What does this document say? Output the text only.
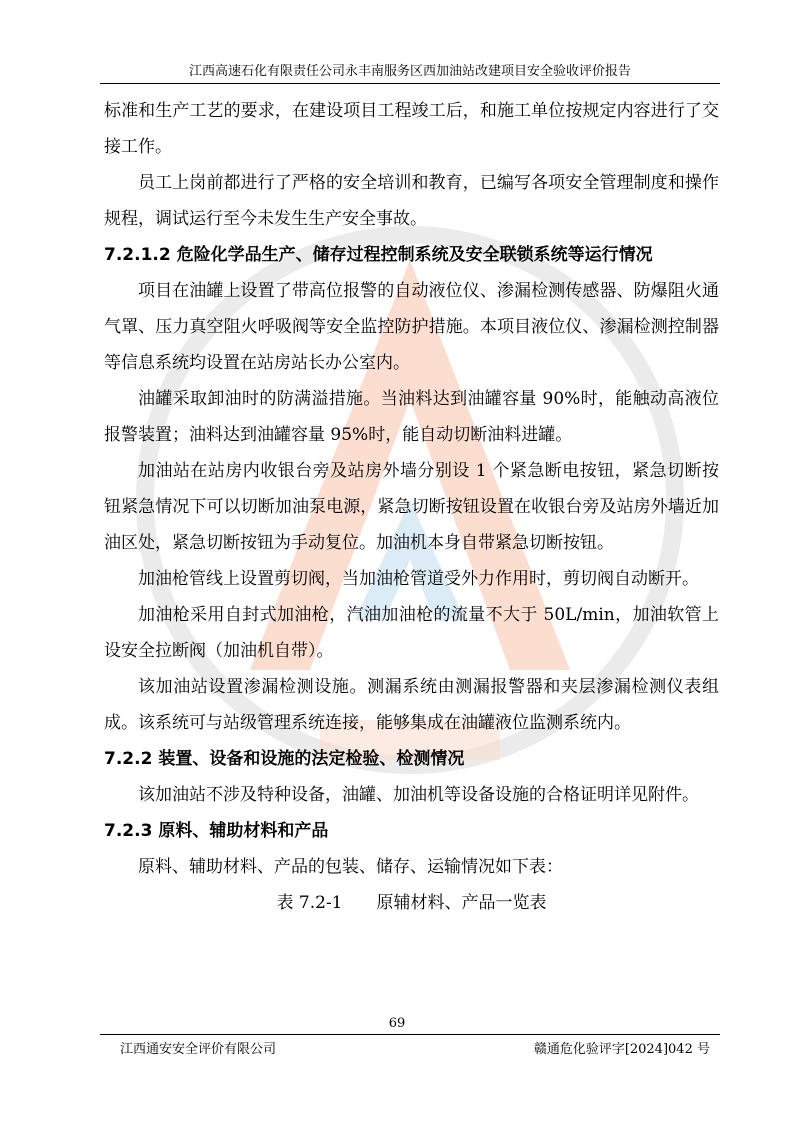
江西高速石化有限责任公司永丰南服务区西加油站改建项目安全验收评价报告

标准和生产工艺的要求，在建设项目工程竣工后，和施工单位按规定内容进行了交接工作。

员工上岗前都进行了严格的安全培训和教育，已编写各项安全管理制度和操作规程，调试运行至今未发生生产安全事故。

7.2.1.2 危险化学品生产、储存过程控制系统及安全联锁系统等运行情况

项目在油罐上设置了带高位报警的自动液位仪、渗漏检测传感器、防爆阻火通气罩、压力真空阻火呼吸阀等安全监控防护措施。本项目液位仪、渗漏检测控制器等信息系统均设置在站房站长办公室内。

油罐采取卸油时的防满溢措施。当油料达到油罐容量 90%时，能触动高液位报警装置；油料达到油罐容量 95%时，能自动切断油料进罐。

加油站在站房内收银台旁及站房外墙分别设 1 个紧急断电按钮，紧急切断按钮紧急情况下可以切断加油泵电源，紧急切断按钮设置在收银台旁及站房外墙近加油区处，紧急切断按钮为手动复位。加油机本身自带紧急切断按钮。

加油枪管线上设置剪切阀，当加油枪管道受外力作用时，剪切阀自动断开。

加油枪采用自封式加油枪，汽油加油枪的流量不大于 50L/min，加油软管上设安全拉断阀（加油机自带）。

该加油站设置渗漏检测设施。测漏系统由测漏报警器和夹层渗漏检测仪表组成。该系统可与站级管理系统连接，能够集成在油罐液位监测系统内。

7.2.2 装置、设备和设施的法定检验、检测情况

该加油站不涉及特种设备，油罐、加油机等设备设施的合格证明详见附件。

7.2.3 原料、辅助材料和产品

原料、辅助材料、产品的包装、储存、运输情况如下表：

表 7.2-1　　原辅材料、产品一览表

69
江西通安安全评价有限公司	赣通危化验评字[2024]042 号
